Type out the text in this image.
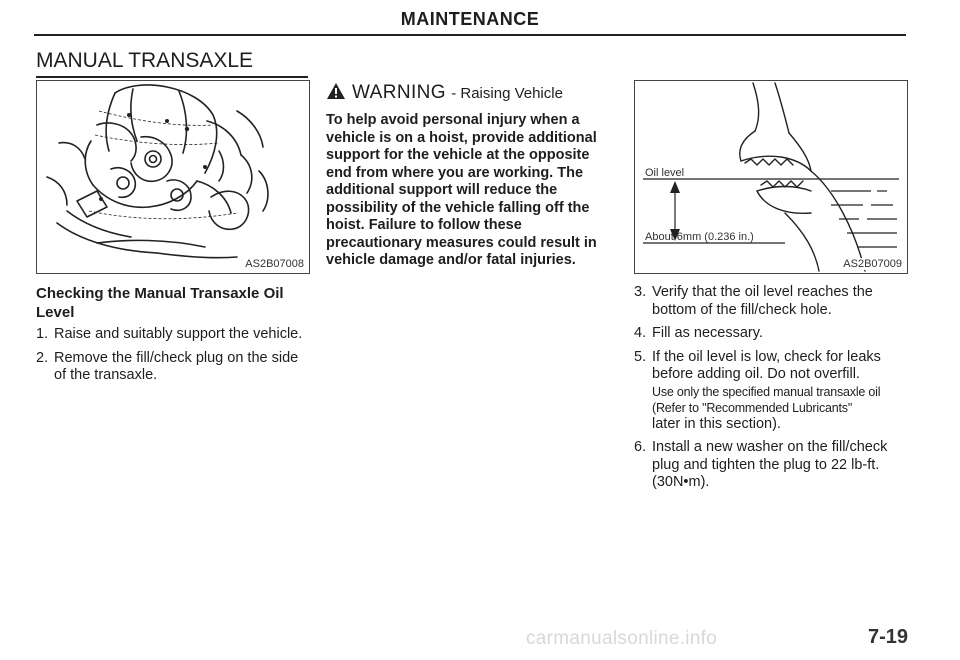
MAINTENANCE
MANUAL TRANSAXLE
AS2B07008
WARNING - Raising Vehicle
To help avoid personal injury when a vehicle is on a hoist, provide additional support for the vehicle at the opposite end from where you are working. The additional support will reduce the possibility of the vehicle falling off the hoist. Failure to follow these precautionary measures could result in vehicle damage and/or fatal injuries.
Oil level
About 6mm (0.236 in.)
AS2B07009
Checking the Manual Transaxle Oil Level
1. Raise and suitably support the vehicle.
2. Remove the fill/check plug on the side of the transaxle.
3. Verify that the oil level reaches the bottom of the fill/check hole.
4. Fill as necessary.
5. If the oil level is low, check for leaks before adding oil. Do not overfill.
Use only the specified manual transaxle oil (Refer to "Recommended Lubricants"
later in this section).
6. Install a new washer on the fill/check plug and tighten the plug to 22 lb-ft. (30N•m).
carmanualsonline.info	7-19
